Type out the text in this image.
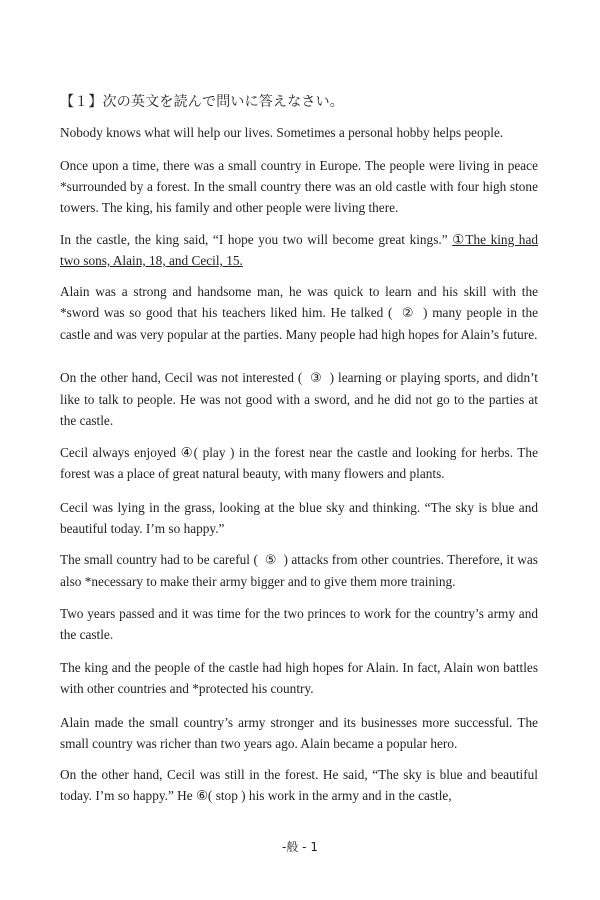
【１】次の英文を読んで問いに答えなさい。
Nobody knows what will help our lives. Sometimes a personal hobby helps people.
Once upon a time, there was a small country in Europe. The people were living in peace *surrounded by a forest. In the small country there was an old castle with four high stone towers. The king, his family and other people were living there.
In the castle, the king said, “I hope you two will become great kings.” ①The king had two sons, Alain, 18, and Cecil, 15.
Alain was a strong and handsome man, he was quick to learn and his skill with the *sword was so good that his teachers liked him. He talked ( ② ) many people in the castle and was very popular at the parties. Many people had high hopes for Alain’s future.
On the other hand, Cecil was not interested ( ③ ) learning or playing sports, and didn’t like to talk to people. He was not good with a sword, and he did not go to the parties at the castle.
Cecil always enjoyed ④( play ) in the forest near the castle and looking for herbs. The forest was a place of great natural beauty, with many flowers and plants.
Cecil was lying in the grass, looking at the blue sky and thinking. “The sky is blue and beautiful today. I’m so happy.”
The small country had to be careful ( ⑤ ) attacks from other countries. Therefore, it was also *necessary to make their army bigger and to give them more training.
Two years passed and it was time for the two princes to work for the country’s army and the castle.
The king and the people of the castle had high hopes for Alain. In fact, Alain won battles with other countries and *protected his country.
Alain made the small country’s army stronger and its businesses more successful. The small country was richer than two years ago. Alain became a popular hero.
On the other hand, Cecil was still in the forest. He said, “The sky is blue and beautiful today. I’m so happy.” He ⑥( stop ) his work in the army and in the castle,
-般 - 1
